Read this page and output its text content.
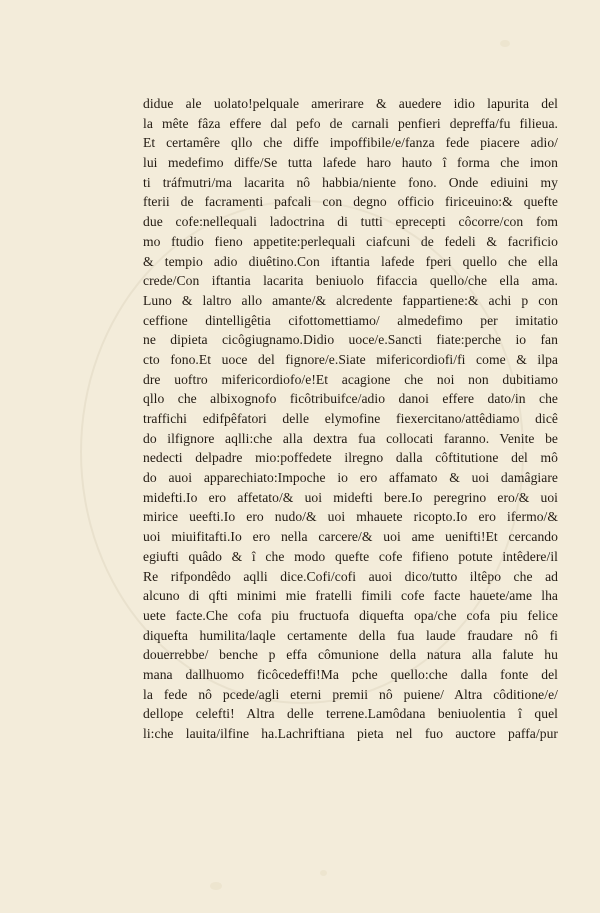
didue ale uolato!pelquale amerirare & auedere idio lapurita del
la mête fâza effere dal pefo de carnali penfieri depreffa/fu filieua.
Et certamêre qllo che diffe impoffibile/e/fanza fede piacere adio/
lui medefimo diffe/Se tutta lafede haro hauto î forma che imon
ti tráfmutri/ma lacarita nô habbia/niente fono. Onde ediuini my
fterii de facramenti pafcali con degno officio firiceuino:& quefte
due cofe:nellequali ladoctrina di tutti eprecepti côcorre/con fom
mo ftudio fieno appetite:perlequali ciafcuni de fedeli & facrificio
& tempio adio diuêtino.Con iftantia lafede fperi quello che ella
crede/Con iftantia lacarita beniuolo fifaccia quello/che ella ama.
Luno & laltro allo amante/& alcredente fappartiene:& achi p con
ceffione dintelligêtia cifottomettiamo/ almedefimo per imitatio
ne dipieta cicôgiugnamo.Didio uoce/e.Sancti fiate:perche io fan
cto fono.Et uoce del fignore/e.Siate mifericordiofi/fi come & ilpa
dre uoftro mifericordiofo/e!Et acagione che noi non dubitiamo
qllo che albixognofo ficôtribuifce/adio danoi effere dato/in che
traffichi edifpêfatori delle elymofine fiexercitano/attêdiamo dicê
do ilfignore aqlli:che alla dextra fua collocati faranno. Venite be
nedecti delpadre mio:poffedete ilregno dalla côftitutione del mô
do auoi apparechiato:Impoche io ero affamato & uoi damâgiare
midefti.Io ero affetato/& uoi midefti bere.Io peregrino ero/& uoi
mirice ueefti.Io ero nudo/& uoi mhauete ricopto.Io ero ifermo/&
uoi miuifitafti.Io ero nella carcere/& uoi ame uenifti!Et cercando
egiufti quâdo & î che modo quefte cofe fifieno potute intêdere/il
Re rifpondêdo aqlli dice.Cofi/cofi auoi dico/tutto iltêpo che ad
alcuno di qfti minimi mie fratelli fimili cofe facte hauete/ame lha
uete facte.Che cofa piu fructuofa diquefta opa/che cofa piu felice
diquefta humilita/laqle certamente della fua laude fraudare nô fi
douerrebbe/ benche p effa cômunione della natura alla falute hu
mana dallhuomo ficôcedeffi!Ma pche quello:che dalla fonte del
la fede nô pcede/agli eterni premii nô puiene/ Altra côditione/e/
dellope celefti! Altra delle terrene.Lamôdana beniuolentia î quel
li:che lauita/ilfine ha.Lachriftiana pieta nel fuo auctore paffa/pur
